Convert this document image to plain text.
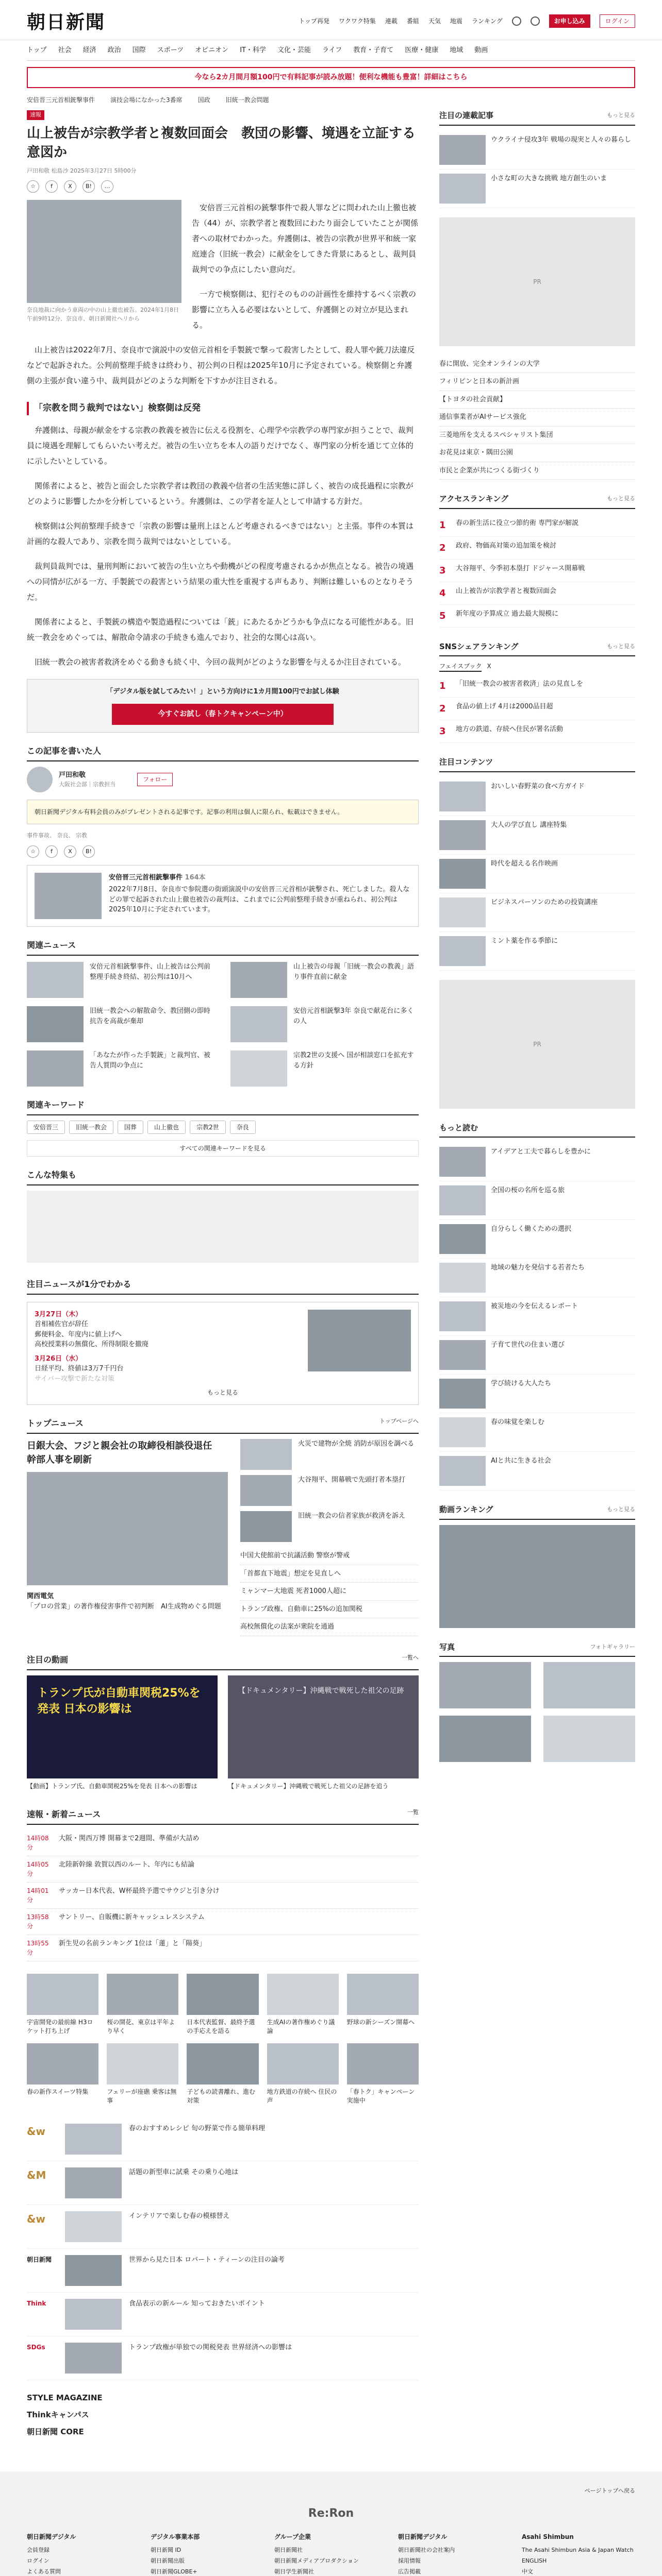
朝日新聞	トップ再発 ワクワク特集 連載 番組 天気 地震 ランキング	お申し込み	ログイン
トップ	社会	経済	政治	国際	スポーツ	オピニオン	IT・科学	文化・芸能	ライフ	教育・子育て	医療・健康	地域	動画
今なら2カ月間月額100円で有料記事が読み放題！便利な機能も豊富！詳細はこちら
安倍晋三元首相銃撃事件	演技会場になかった3番席	国政	旧統一教会問題
速報
山上被告が宗教学者と複数回面会　教団の影響、境遇を立証する意図か
戸田和敬 松島沙 2025年3月27日 5時00分
☆	f	X	B!	…
奈良地裁に向かう車両の中の山上徹也被告。2024年1月8日午前9時12分、奈良市、朝日新聞社ヘリから

安倍晋三元首相の銃撃事件で殺人罪などに問われた山上徹也被告（44）が、宗教学者と複数回にわたり面会していたことが関係者への取材でわかった。弁護側は、被告の宗教が世界平和統一家庭連合（旧統一教会）に献金をしてきた背景にあるとし、裁判員裁判での争点にしたい意向だ。

一方で検察側は、犯行そのものの計画性を維持するべく宗教の影響に立ち入る必要はないとして、弁護側との対立が見込まれる。

山上被告は2022年7月、奈良市で演説中の安倍元首相を手製銃で撃って殺害したとして、殺人罪や銃刀法違反などで起訴された。公判前整理手続きは終わり、初公判の日程は2025年10月に予定されている。検察側と弁護側の主張が食い違う中、裁判員がどのような判断を下すかが注目される。

「宗教を問う裁判ではない」検察側は反発

弁護側は、母親が献金をする宗教の教義を被告に伝える役割を、心理学や宗教学の専門家が担うことで、裁判員に境遇を理解してもらいたい考えだ。被告の生い立ちを本人の語りだけでなく、専門家の分析を通じて立体的に示したいとしている。

関係者によると、被告と面会した宗教学者は教団の教義や信者の生活実態に詳しく、被告の成長過程に宗教がどのように影響したかを分析しているという。弁護側は、この学者を証人として申請する方針だ。

検察側は公判前整理手続きで「宗教の影響は量刑上ほとんど考慮されるべきではない」と主張。事件の本質は計画的な殺人であり、宗教を問う裁判ではないとしている。

裁判員裁判では、量刑判断において被告の生い立ちや動機がどの程度考慮されるかが焦点となる。被告の境遇への同情が広がる一方、手製銃での殺害という結果の重大性を重視する声もあり、判断は難しいものとなりそうだ。

関係者によると、手製銃の構造や製造過程については「銃」にあたるかどうかも争点になる可能性がある。旧統一教会をめぐっては、解散命令請求の手続きも進んでおり、社会的な関心は高い。

旧統一教会の被害者救済をめぐる動きも続く中、今回の裁判がどのような影響を与えるか注目されている。

「デジタル版を試してみたい！」という方向けに1カ月間100円でお試し体験
今すぐお試し（春トクキャンペーン中）
この記事を書いた人
戸田和敬
大阪社会部｜宗教担当
フォロー
朝日新聞デジタル有料会員のみがプレゼントされる記事です。記事の利用は個人に限られ、転載はできません。
事件事故、 奈良、 宗教
☆	f	X	B!
安倍晋三元首相銃撃事件 164本
2022年7月8日、奈良市で参院選の街頭演説中の安倍晋三元首相が銃撃され、死亡しました。殺人などの罪で起訴された山上徹也被告の裁判は、これまでに公判前整理手続きが重ねられ、初公判は2025年10月に予定されています。
関連ニュース
安倍元首相銃撃事件、山上被告は公判前整理手続き終結、初公判は10月へ
山上被告の母親「旧統一教会の教義」語り事件直前に献金
旧統一教会への解散命令、教団側の即時抗告を高裁が棄却
安倍元首相銃撃3年 奈良で献花台に多くの人
「あなたが作った手製銃」と裁判官、被告人質問の争点に
宗教2世の支援へ 国が相談窓口を拡充する方針
関連キーワード
安倍晋三	旧統一教会	国葬	山上徹也	宗教2世	奈良
すべての関連キーワードを見る
こんな特集も
注目ニュースが1分でわかる
3月27日（木）
首相補佐官が辞任
郵便料金、年度内に値上げへ
高校授業料の無償化、所得制限を撤廃
3月26日（水）
日経平均、終値は3万7千円台
サイバー攻撃で新たな対策
もっと見る
トップニュース	トップページへ
日銀大会、フジと親会社の取締役相談役退任　幹部人事を刷新
関西電気
「プロの営業」の著作権侵害事件で初判断　AI生成物めぐる問題
火災で建物が全焼 消防が原因を調べる
大谷翔平、開幕戦で先頭打者本塁打
旧統一教会の信者家族が救済を訴え
中国大使館前で抗議活動 警察が警戒
「首都直下地震」想定を見直しへ
ミャンマー大地震 死者1000人超に
トランプ政権、自動車に25%の追加関税
高校無償化の法案が衆院を通過
注目の動画	一覧へ
トランプ氏が自動車関税25%を発表 日本の影響は
【動画】トランプ氏、自動車関税25%を発表 日本への影響は
【ドキュメンタリー】沖縄戦で戦死した祖父の足跡
【ドキュメンタリー】沖縄戦で戦死した祖父の足跡を追う
速報・新着ニュース	一覧
14時08分
大阪・関西万博 開幕まで2週間、準備が大詰め
14時05分
北陸新幹線 敦賀以西のルート、年内にも結論
14時01分
サッカー日本代表、W杯最終予選でサウジと引き分け
13時58分
サントリー、自販機に新キャッシュレスシステム
13時55分
新生児の名前ランキング 1位は「蓮」と「陽葵」
宇宙開発の最前線 H3ロケット打ち上げ
桜の開花、東京は平年より早く
日本代表監督、最終予選の手応えを語る
生成AIの著作権めぐり議論
野球の新シーズン開幕へ
春の新作スイーツ特集	フェリーが座礁 乗客は無事
子どもの読書離れ、進む対策
地方鉄道の存続へ 住民の声
「春トク」キャンペーン実施中
&w	春のおすすめレシピ 旬の野菜で作る簡単料理
&M	話題の新型車に試乗 その乗り心地は
&w	インテリアで楽しむ春の模様替え
朝日新聞	世界から見た日本 ロバート・ティーンの注目の論考
Think	食品表示の新ルール 知っておきたいポイント
SDGs	トランプ政権が単独での関税発表 世界経済への影響は
STYLE MAGAZINE
Thinkキャンパス
朝日新聞 CORE
注目の連載記事	もっと見る
ウクライナ侵攻3年 戦場の現実と人々の暮らし
小さな町の大きな挑戦 地方創生のいま
PR
春に開放、完全オンラインの大学
フィリピンと日本の新計画
【トヨタの社会貢献】
通信事業者がAIサービス強化
三菱地所を支えるスペシャリスト集団
お花見は東京・隅田公園
市民と企業が共につくる街づくり
アクセスランキング	もっと見る
1	春の新生活に役立つ節約術 専門家が解説
2	政府、物価高対策の追加策を検討
3	大谷翔平、今季初本塁打 ドジャース開幕戦
4	山上被告が宗教学者と複数回面会
5	新年度の予算成立 過去最大規模に
SNSシェアランキング	もっと見る
フェイスブック X
1	「旧統一教会の被害者救済」法の見直しを
2	食品の値上げ 4月は2000品目超
3	地方の鉄道、存続へ住民が署名活動
注目コンテンツ
おいしい春野菜の食べ方ガイド
大人の学び直し 講座特集
時代を超える名作映画
ビジネスパーソンのための投資講座
ミント薬を作る季節に
PR
もっと読む
アイデアと工夫で暮らしを豊かに
全国の桜の名所を巡る旅
自分らしく働くための選択
地域の魅力を発信する若者たち
被災地の今を伝えるレポート
子育て世代の住まい選び
学び続ける大人たち
春の味覚を楽しむ
AIと共に生きる社会
動画ランキング	もっと見る
写真	フォトギャラリー
ページトップへ戻る
Re:Ron
朝日新聞デジタル
会員登録
ログイン
よくある質問
デジタル事業本部
朝日新聞 ID
朝日新聞出版
朝日新聞GLOBE+
グループ企業
朝日新聞社
朝日新聞メディアプロダクション
朝日学生新聞社
朝日新聞デジタル
朝日新聞社の会社案内
採用情報
広告掲載
Asahi Shimbun
The Asahi Shimbun Asia & Japan Watch
ENGLISH
中文
